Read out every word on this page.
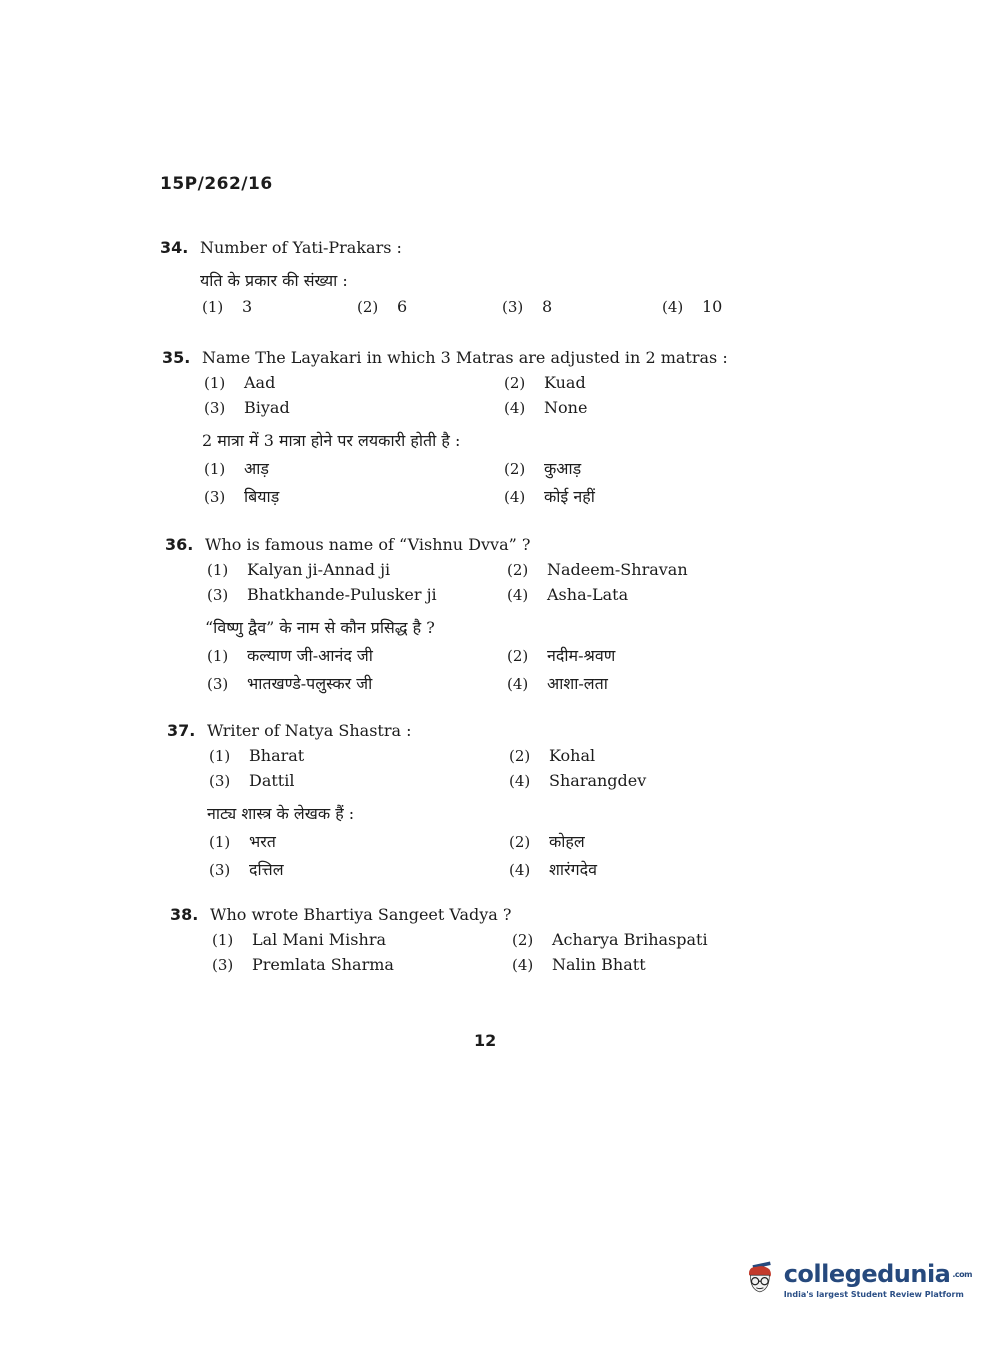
15P/262/16
34. Number of Yati-Prakars :
यति के प्रकार की संख्या :
(1)	3	(2)	6	(3)	8	(4)	10
35. Name The Layakari in which 3 Matras are adjusted in 2 matras :
(1)	Aad	(2)	Kuad
(3)	Biyad	(4)	None
2 मात्रा में 3 मात्रा होने पर लयकारी होती है :
(1)	आड़	(2)	कुआड़
(3)	बियाड़	(4)	कोई नहीं
36. Who is famous name of “Vishnu Dvva” ?
(1)	Kalyan ji-Annad ji	(2)	Nadeem-Shravan
(3)	Bhatkhande-Pulusker ji	(4)	Asha-Lata
“विष्णु द्वैव” के नाम से कौन प्रसिद्ध है ?
(1)	कल्याण जी-आनंद जी	(2)	नदीम-श्रवण
(3)	भातखण्डे-पलुस्कर जी	(4)	आशा-लता
37. Writer of Natya Shastra :
(1)	Bharat	(2)	Kohal
(3)	Dattil	(4)	Sharangdev
नाट्य शास्त्र के लेखक हैं :
(1)	भरत	(2)	कोहल
(3)	दत्तिल	(4)	शारंगदेव
38. Who wrote Bhartiya Sangeet Vadya ?
(1)	Lal Mani Mishra	(2)	Acharya Brihaspati
(3)	Premlata Sharma	(4)	Nalin Bhatt
12
collegedunia .com
India's largest Student Review Platform
